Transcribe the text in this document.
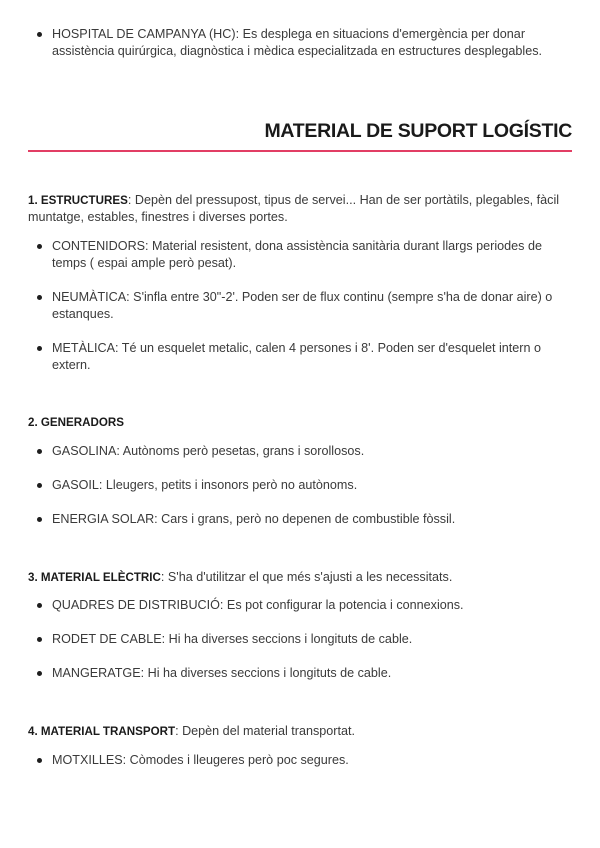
HOSPITAL DE CAMPANYA (HC): Es desplega en situacions d'emergència per donar assistència quirúrgica, diagnòstica i mèdica especialitzada en estructures desplegables.
MATERIAL DE SUPORT LOGÍSTIC
1. ESTRUCTURES: Depèn del pressupost, tipus de servei... Han de ser portàtils, plegables, fàcil muntatge, estables, finestres i diverses portes.
CONTENIDORS: Material resistent, dona assistència sanitària durant llargs periodes de temps ( espai ample però pesat).
NEUMÀTICA: S'infla entre 30"-2'. Poden ser de flux continu (sempre s'ha de donar aire) o estanques.
METÀLICA: Té un esquelet metalic, calen 4 persones i 8'. Poden ser d'esquelet intern o extern.
2. GENERADORS
GASOLINA: Autònoms però pesetas, grans i sorollosos.
GASOIL: Lleugers, petits i insonors però no autònoms.
ENERGIA SOLAR: Cars i grans, però no depenen de combustible fòssil.
3. MATERIAL ELÈCTRIC: S'ha d'utilitzar el que més s'ajusti a les necessitats.
QUADRES DE DISTRIBUCIÓ: Es pot configurar la potencia i connexions.
RODET DE CABLE: Hi ha diverses seccions i longituts de cable.
MANGERATGE: Hi ha diverses seccions i longituts de cable.
4. MATERIAL TRANSPORT: Depèn del material transportat.
MOTXILLES: Còmodes i lleugeres però poc segures.
